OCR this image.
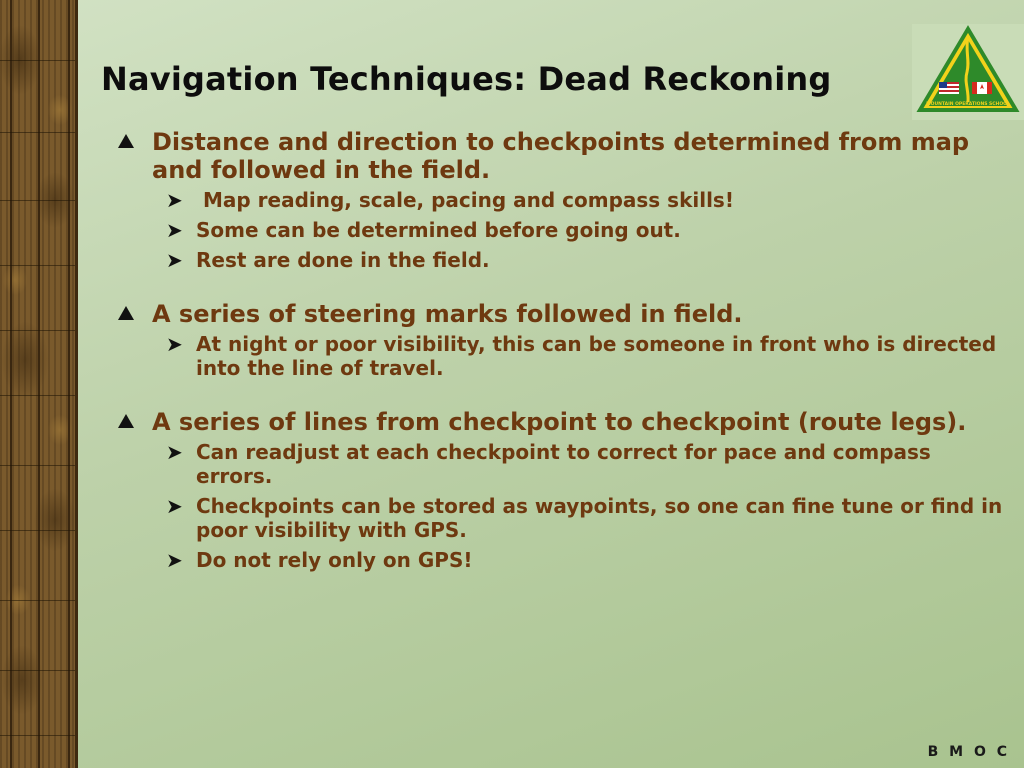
Navigation Techniques: Dead Reckoning
MOUNTAIN OPERATIONS SCHOOL
Distance and direction to checkpoints determined from map and followed in the field.
➤ Map reading, scale, pacing and compass skills!
➤ Some can be determined before going out.
➤ Rest are done in the field.
A series of steering marks followed in field.
➤ At night or poor visibility, this can be someone in front who is directed into the line of travel.
A series of lines from checkpoint to checkpoint (route legs).
➤ Can readjust at each checkpoint to correct for pace and compass errors.
➤ Checkpoints can be stored as waypoints, so one can fine tune or find in poor visibility with GPS.
➤ Do not rely only on GPS!
B M O C
